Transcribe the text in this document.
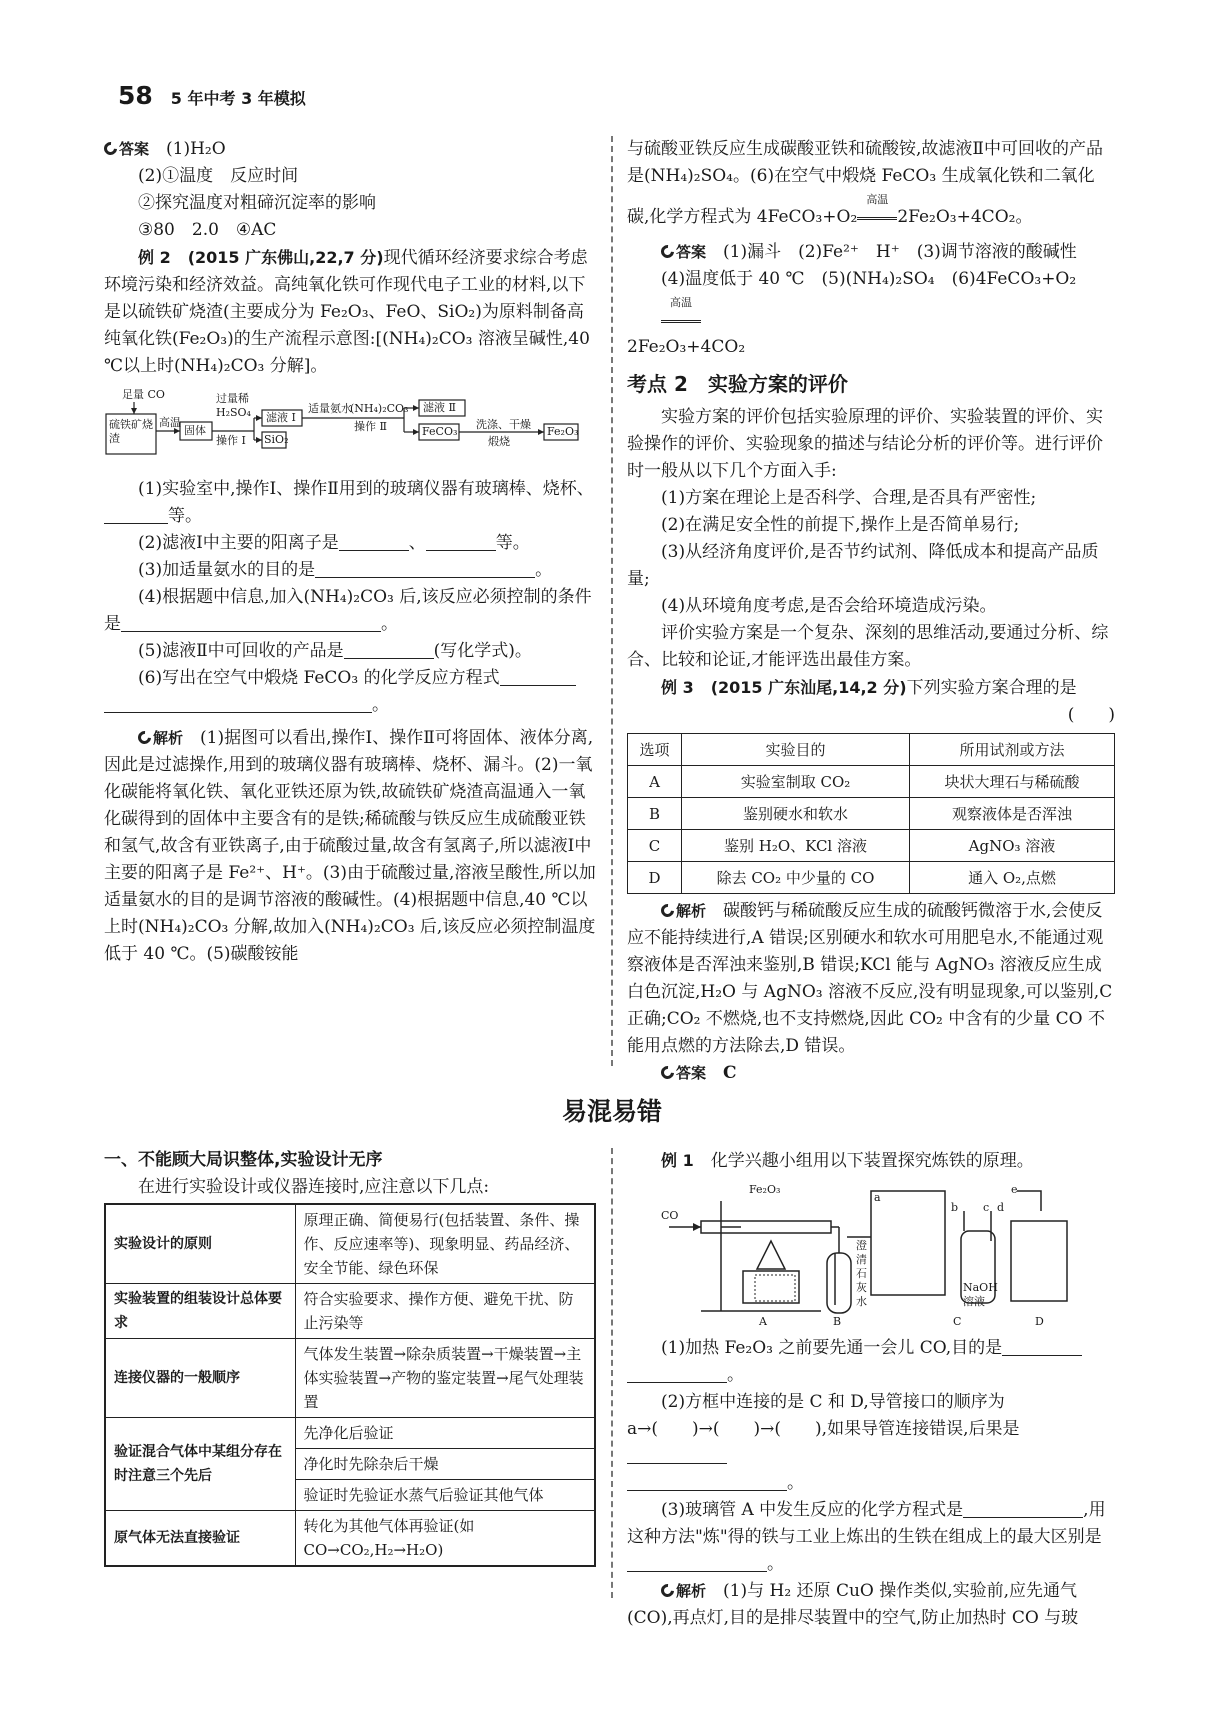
58 5 年中考 3 年模拟

答案　 (1)H₂O

(2)①温度　反应时间

②探究温度对粗碲沉淀率的影响

③80　2.0　④AC

例 2　 (2015 广东佛山,22,7 分)现代循环经济要求综合考虑环境污染和经济效益。高纯氧化铁可作现代电子工业的材料,以下是以硫铁矿烧渣(主要成分为 Fe₂O₃、FeO、SiO₂)为原料制备高纯氧化铁(Fe₂O₃)的生产流程示意图:[(NH₄)₂CO₃ 溶液呈碱性,40 ℃以上时(NH₄)₂CO₃ 分解]。

足量 CO
硫铁矿烧渣
高温
固体
过量稀 H₂SO₄
操作 Ⅰ
滤液 Ⅰ
SiO₂
适量氨水
(NH₄)₂CO₃
操作 Ⅱ
滤液 Ⅱ
FeCO₃
洗涤、干燥
煅烧
Fe₂O₃

(1)实验室中,操作Ⅰ、操作Ⅱ用到的玻璃仪器有玻璃棒、烧杯、等。

(2)滤液Ⅰ中主要的阳离子是	、	等。

(3)加适量氨水的目的是	。

(4)根据题中信息,加入(NH₄)₂CO₃ 后,该反应必须控制的条件是	。

(5)滤液Ⅱ中可回收的产品是	(写化学式)。

(6)写出在空气中煅烧 FeCO₃ 的化学反应方程式
。

解析　 (1)据图可以看出,操作Ⅰ、操作Ⅱ可将固体、液体分离,因此是过滤操作,用到的玻璃仪器有玻璃棒、烧杯、漏斗。(2)一氧化碳能将氧化铁、氧化亚铁还原为铁,故硫铁矿烧渣高温通入一氧化碳得到的固体中主要含有的是铁;稀硫酸与铁反应生成硫酸亚铁和氢气,故含有亚铁离子,由于硫酸过量,故含有氢离子,所以滤液Ⅰ中主要的阳离子是 Fe²⁺、H⁺。(3)由于硫酸过量,溶液呈酸性,所以加适量氨水的目的是调节溶液的酸碱性。(4)根据题中信息,40 ℃以上时(NH₄)₂CO₃ 分解,故加入(NH₄)₂CO₃ 后,该反应必须控制温度低于 40 ℃。(5)碳酸铵能

与硫酸亚铁反应生成碳酸亚铁和硫酸铵,故滤液Ⅱ中可回收的产品是(NH₄)₂SO₄。(6)在空气中煅烧 FeCO₃ 生成氧化铁和二氧化碳,化学方程式为 4FeCO₃+O₂高温
2Fe₂O₃+4CO₂。

答案　 (1)漏斗　(2)Fe²⁺　H⁺　(3)调节溶液的酸碱性

(4)温度低于 40 ℃　(5)(NH₄)₂SO₄　(6)4FeCO₃+O₂高温

2Fe₂O₃+4CO₂

考点 2　实验方案的评价

实验方案的评价包括实验原理的评价、实验装置的评价、实验操作的评价、实验现象的描述与结论分析的评价等。进行评价时一般从以下几个方面入手:

(1)方案在理论上是否科学、合理,是否具有严密性;

(2)在满足安全性的前提下,操作上是否简单易行;

(3)从经济角度评价,是否节约试剂、降低成本和提高产品质量;

(4)从环境角度考虑,是否会给环境造成污染。

评价实验方案是一个复杂、深刻的思维活动,要通过分析、综合、比较和论证,才能评选出最佳方案。

例 3　 (2015 广东汕尾,14,2 分)下列实验方案合理的是

(　　)

选项	实验目的	所用试剂或方法
A	实验室制取 CO₂	块状大理石与稀硫酸
B	鉴别硬水和软水	观察液体是否浑浊
C	鉴别 H₂O、KCl 溶液	AgNO₃ 溶液
D	除去 CO₂ 中少量的 CO	通入 O₂,点燃

解析　 碳酸钙与稀硫酸反应生成的硫酸钙微溶于水,会使反应不能持续进行,A 错误;区别硬水和软水可用肥皂水,不能通过观察液体是否浑浊来鉴别,B 错误;KCl 能与 AgNO₃ 溶液反应生成白色沉淀,H₂O 与 AgNO₃ 溶液不反应,没有明显现象,可以鉴别,C 正确;CO₂ 不燃烧,也不支持燃烧,因此 CO₂ 中含有的少量 CO 不能用点燃的方法除去,D 错误。

答案　 C

易混易错

一、不能顾大局识整体,实验设计无序

在进行实验设计或仪器连接时,应注意以下几点:

实验设计的原则	原理正确、简便易行(包括装置、条件、操作、反应速率等)、现象明显、药品经济、安全节能、绿色环保
实验装置的组装设计总体要求	符合实验要求、操作方便、避免干扰、防止污染等
连接仪器的一般顺序	气体发生装置→除杂质装置→干燥装置→主体实验装置→产物的鉴定装置→尾气处理装置
验证混合气体中某组分存在时注意三个先后	先净化后验证
	净化时先除杂后干燥
	验证时先验证水蒸气后验证其他气体
原气体无法直接验证	转化为其他气体再验证(如 CO→CO₂,H₂→H₂O)

例 1　 化学兴趣小组用以下装置探究炼铁的原理。

CO
Fe₂O₃
a
b c d
e
澄清石灰水
NaOH 溶液
A	B	C	D

(1)加热 Fe₂O₃ 之前要先通一会儿 CO,目的是
。

(2)方框中连接的是 C 和 D,导管接口的顺序为 a→(　　)→(　　)→(　　),如果导管连接错误,后果是
。

(3)玻璃管 A 中发生反应的化学方程式是	,用这种方法"炼"得的铁与工业上炼出的生铁在组成上的最大区别是。

解析　 (1)与 H₂ 还原 CuO 操作类似,实验前,应先通气(CO),再点灯,目的是排尽装置中的空气,防止加热时 CO 与玻
